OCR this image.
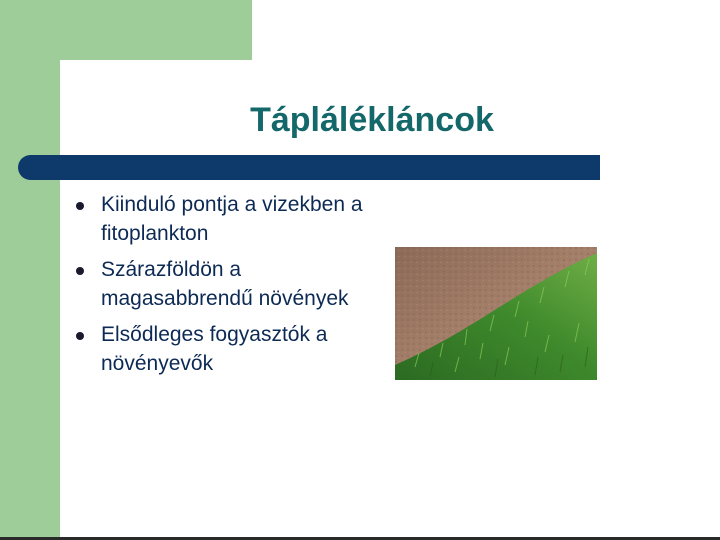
Táplálékláncok
Kiinduló pontja a vizekben a fitoplankton
Szárazföldön a magasabbrendű növények
Elsődleges fogyasztók a növényevők
